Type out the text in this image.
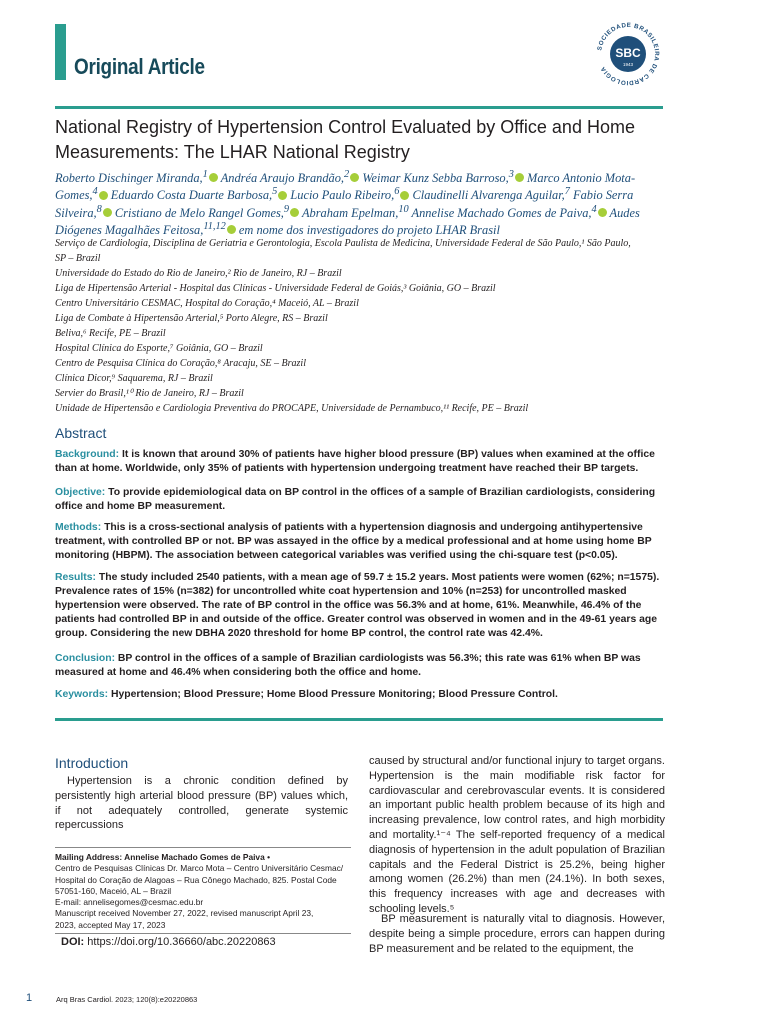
Original Article
SOCIEDADE BRASILEIRA DE CARDIOLOGIA
SBC
1943
National Registry of Hypertension Control Evaluated by Office and Home Measurements: The LHAR National Registry
Roberto Dischinger Miranda,$^1$ Andréa Araujo Brandão,$^2$ Weimar Kunz Sebba Barroso,$^3$ Marco Antonio Mota-Gomes,$^4$ Eduardo Costa Duarte Barbosa,$^5$ Lucio Paulo Ribeiro,$^6$ Claudinelli Alvarenga Aguilar,$^7$ Fabio Serra Silveira,$^8$ Cristiano de Melo Rangel Gomes,$^9$ Abraham Epelman,$^{10}$ Annelise Machado Gomes de Paiva,$^4$ Audes Diógenes Magalhães Feitosa,$^{11,12}$ em nome dos investigadores do projeto LHAR Brasil

Serviço de Cardiologia, Disciplina de Geriatria e Gerontologia, Escola Paulista de Medicina, Universidade Federal de São Paulo,¹ São Paulo,

SP – Brazil

Universidade do Estado do Rio de Janeiro,² Rio de Janeiro, RJ – Brazil

Liga de Hipertensão Arterial - Hospital das Clínicas - Universidade Federal de Goiás,³ Goiânia, GO – Brazil

Centro Universitário CESMAC, Hospital do Coração,⁴ Maceió, AL – Brazil

Liga de Combate à Hipertensão Arterial,⁵ Porto Alegre, RS – Brazil

Beliva,⁶ Recife, PE – Brazil

Hospital Clínica do Esporte,⁷ Goiânia, GO – Brazil

Centro de Pesquisa Clínica do Coração,⁸ Aracaju, SE – Brazil

Clínica Dicor,⁹ Saquarema, RJ – Brazil

Servier do Brasil,¹⁰ Rio de Janeiro, RJ – Brazil

Unidade de Hipertensão e Cardiologia Preventiva do PROCAPE, Universidade de Pernambuco,¹¹ Recife, PE – Brazil

Abstract
Background: It is known that around 30% of patients have higher blood pressure (BP) values when examined at the office than at home. Worldwide, only 35% of patients with hypertension undergoing treatment have reached their BP targets.
Objective: To provide epidemiological data on BP control in the offices of a sample of Brazilian cardiologists, considering office and home BP measurement.
Methods: This is a cross-sectional analysis of patients with a hypertension diagnosis and undergoing antihypertensive treatment, with controlled BP or not. BP was assayed in the office by a medical professional and at home using home BP monitoring (HBPM). The association between categorical variables was verified using the chi-square test (p<0.05).
Results: The study included 2540 patients, with a mean age of 59.7 ± 15.2 years. Most patients were women (62%; n=1575). Prevalence rates of 15% (n=382) for uncontrolled white coat hypertension and 10% (n=253) for uncontrolled masked hypertension were observed. The rate of BP control in the office was 56.3% and at home, 61%. Meanwhile, 46.4% of the patients had controlled BP in and outside of the office. Greater control was observed in women and in the 49-61 years age group. Considering the new DBHA 2020 threshold for home BP control, the control rate was 42.4%.
Conclusion: BP control in the offices of a sample of Brazilian cardiologists was 56.3%; this rate was 61% when BP was measured at home and 46.4% when considering both the office and home.
Keywords: Hypertension; Blood Pressure; Home Blood Pressure Monitoring; Blood Pressure Control.
Introduction
Hypertension is a chronic condition defined by persistently high arterial blood pressure (BP) values which, if not adequately controlled, generate systemic repercussions
caused by structural and/or functional injury to target organs. Hypertension is the main modifiable risk factor for cardiovascular and cerebrovascular events. It is considered an important public health problem because of its high and increasing prevalence, low control rates, and high morbidity and mortality.¹⁻⁴ The self-reported frequency of a medical diagnosis of hypertension in the adult population of Brazilian capitals and the Federal District is 25.2%, being higher among women (26.2%) than men (24.1%). In both sexes, this frequency increases with age and decreases with schooling levels.⁵
BP measurement is naturally vital to diagnosis. However, despite being a simple procedure, errors can happen during BP measurement and be related to the equipment, the

Mailing Address: Annelise Machado Gomes de Paiva •

Centro de Pesquisas Clínicas Dr. Marco Mota – Centro Universitário Cesmac/

Hospital do Coração de Alagoas – Rua Cônego Machado, 825. Postal Code

57051-160, Maceió, AL – Brazil

E-mail: annelisegomes@cesmac.edu.br

Manuscript received November 27, 2022, revised manuscript April 23,

2023, accepted May 17, 2023

DOI: https://doi.org/10.36660/abc.20220863
1	Arq Bras Cardiol. 2023; 120(8):e20220863
